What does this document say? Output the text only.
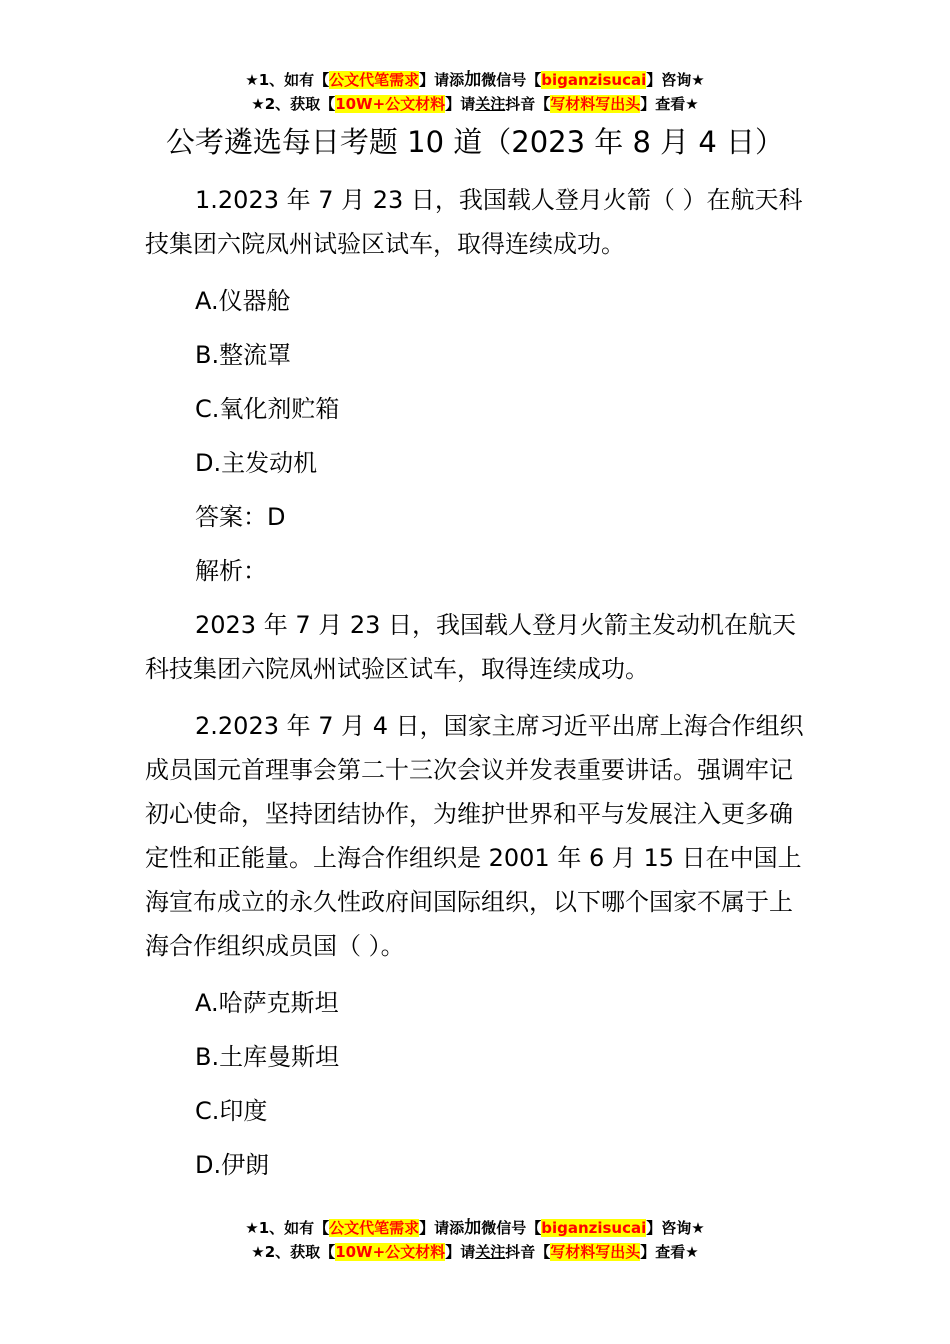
★1、如有【公文代笔需求】请添加微信号【biganzisucai】咨询★
★2、获取【10W+公文材料】请关注抖音【写材料写出头】查看★
公考遴选每日考题 10 道（2023 年 8 月 4 日）

1.2023 年 7 月 23 日，我国载人登月火箭（ ）在航天科技集团六院凤州试验区试车，取得连续成功。

A.仪器舱

B.整流罩

C.氧化剂贮箱

D.主发动机

答案：D

解析：

2023 年 7 月 23 日，我国载人登月火箭主发动机在航天科技集团六院凤州试验区试车，取得连续成功。

2.2023 年 7 月 4 日，国家主席习近平出席上海合作组织成员国元首理事会第二十三次会议并发表重要讲话。强调牢记初心使命，坚持团结协作，为维护世界和平与发展注入更多确定性和正能量。上海合作组织是 2001 年 6 月 15 日在中国上海宣布成立的永久性政府间国际组织，以下哪个国家不属于上海合作组织成员国（ ）。

A.哈萨克斯坦

B.土库曼斯坦

C.印度

D.伊朗

★1、如有【公文代笔需求】请添加微信号【biganzisucai】咨询★
★2、获取【10W+公文材料】请关注抖音【写材料写出头】查看★
